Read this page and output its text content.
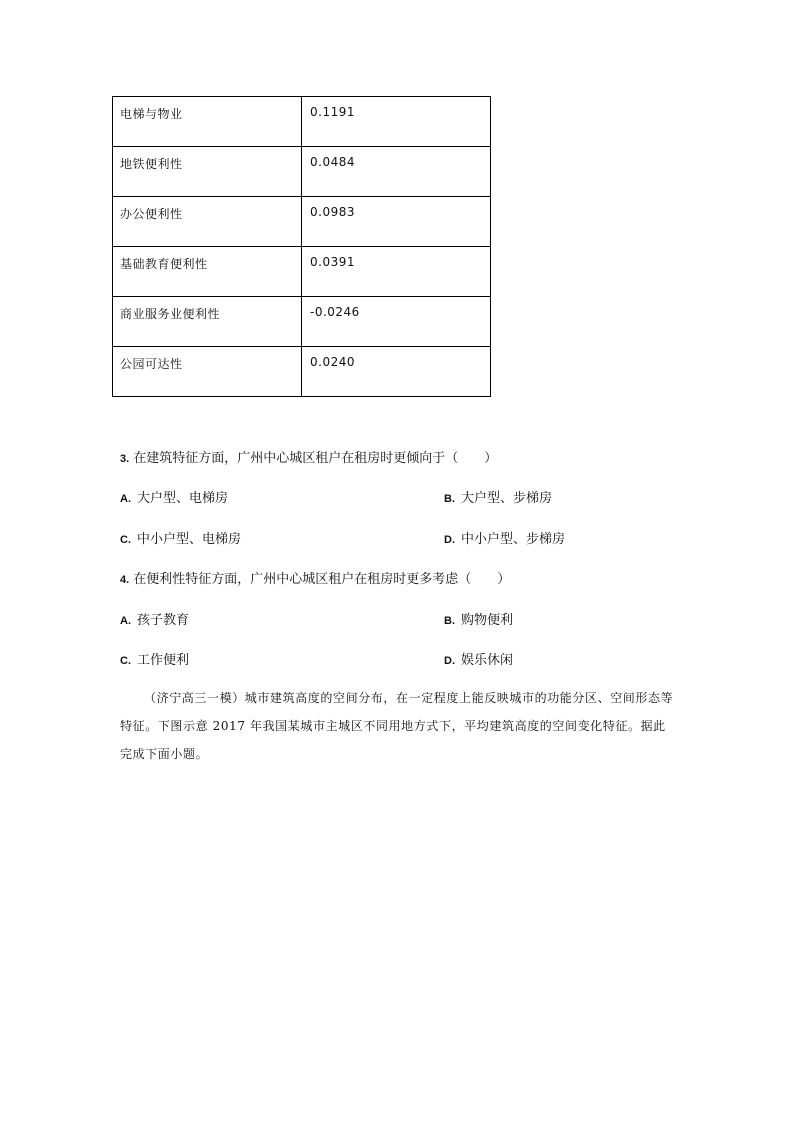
电梯与物业	0.1191
地铁便利性	0.0484
办公便利性	0.0983
基础教育便利性	0.0391
商业服务业便利性	-0.0246
公园可达性	0.0240
3. 在建筑特征方面，广州中心城区租户在租房时更倾向于（　　）
A. 大户型、电梯房	B. 大户型、步梯房
C. 中小户型、电梯房	D. 中小户型、步梯房
4. 在便利性特征方面，广州中心城区租户在租房时更多考虑（　　）
A. 孩子教育	B. 购物便利
C. 工作便利	D. 娱乐休闲

（济宁高三一模）城市建筑高度的空间分布，在一定程度上能反映城市的功能分区、空间形态等特征。下图示意 2017 年我国某城市主城区不同用地方式下，平均建筑高度的空间变化特征。据此完成下面小题。
